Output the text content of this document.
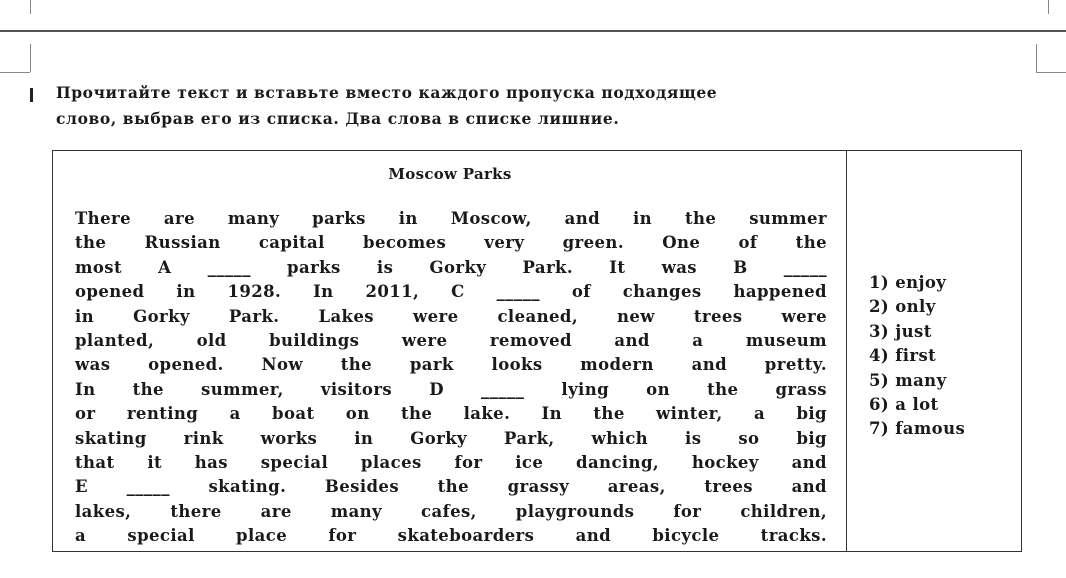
Прочитайте текст и вставьте вместо каждого пропуска подходящее
слово, выбрав его из списка. Два слова в списке лишние.
Moscow Parks
There are many parks in Moscow, and in the summer
the Russian capital becomes very green. One of the
most A _____ parks is Gorky Park. It was B _____
opened in 1928. In 2011, C _____ of changes happened
in Gorky Park. Lakes were cleaned, new trees were
planted, old buildings were removed and a museum
was opened. Now the park looks modern and pretty.
In the summer, visitors D _____ lying on the grass
or renting a boat on the lake. In the winter, a big
skating rink works in Gorky Park, which is so big
that it has special places for ice dancing, hockey and
E _____ skating. Besides the grassy areas, trees and
lakes, there are many cafes, playgrounds for children,
a special place for skateboarders and bicycle tracks.
1) enjoy
2) only
3) just
4) first
5) many
6) a lot
7) famous
